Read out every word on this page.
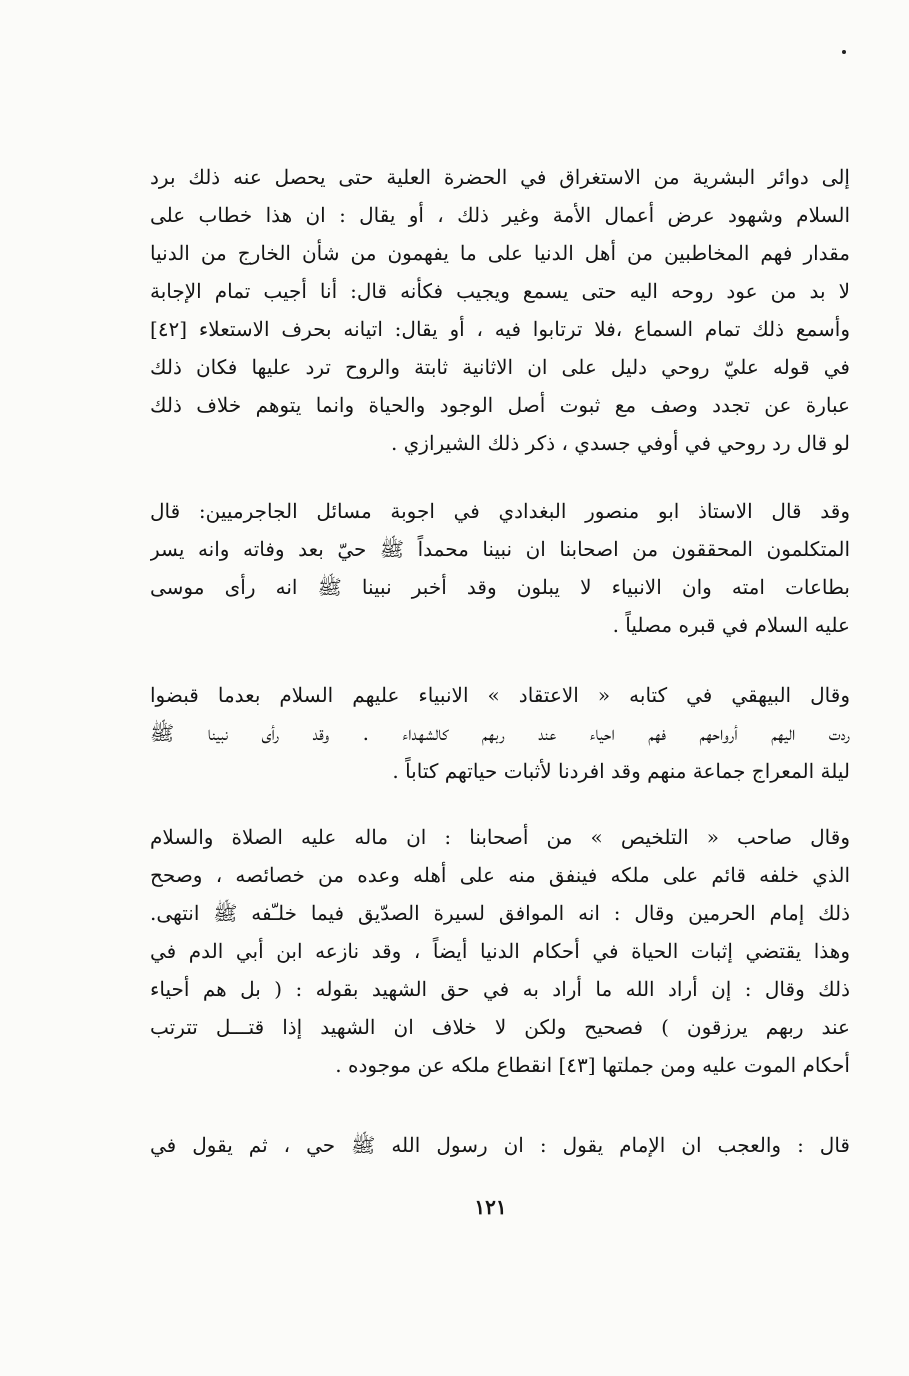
إلى دوائر البشرية من الاستغراق في الحضرة العلية حتى يحصل عنه ذلك برد
السلام وشهود عرض أعمال الأمة وغير ذلك ، أو يقال : ان هذا خطاب على
مقدار فهم المخاطبين من أهل الدنيا على ما يفهمون من شأن الخارج من الدنيا
لا بد من عود روحه اليه حتى يسمع ويجيب فكأنه قال: أنا أجيب تمام الإجابة
وأسمع ذلك تمام السماع ،فلا ترتابوا فيه ، أو يقال: اتيانه بحرف الاستعلاء [٤٢]
في قوله عليّ روحي دليل على ان الاثانية ثابتة والروح ترد عليها فكان ذلك
عبارة عن تجدد وصف مع ثبوت أصل الوجود والحياة وانما يتوهم خلاف ذلك
لو قال رد روحي في أوفي جسدي ، ذكر ذلك الشيرازي .
وقد قال الاستاذ ابو منصور البغدادي في اجوبة مسائل الجاجرميين: قال
المتكلمون المحققون من اصحابنا ان نبينا محمداً ﷺ حيّ بعد وفاته وانه يسر
بطاعات امته وان الانبياء لا يبلون وقد أخبر نبينا ﷺ انه رأى موسى
عليه السلام في قبره مصلياً .
وقال البيهقي في كتابه « الاعتقاد » الانبياء عليهم السلام بعدما قبضوا
ردت اليهم أرواحهم فهم احياء عند ربهم كالشهداء . وقد رأى نبينا ﷺ
ليلة المعراج جماعة منهم وقد افردنا لأثبات حياتهم كتاباً .
وقال صاحب « التلخيص » من أصحابنا : ان ماله عليه الصلاة والسلام
الذي خلفه قائم على ملكه فينفق منه على أهله وعده من خصائصه ، وصحح
ذلك إمام الحرمين وقال : انه الموافق لسيرة الصدّيق فيما خلـّفه ﷺ انتهى.
وهذا يقتضي إثبات الحياة في أحكام الدنيا أيضاً ، وقد نازعه ابن أبي الدم في
ذلك وقال : إن أراد الله ما أراد به في حق الشهيد بقوله : ( بل هم أحياء
عند ربهم يرزقون ) فصحيح ولكن لا خلاف ان الشهيد إذا قتـــل تترتب
أحكام الموت عليه ومن جملتها [٤٣] انقطاع ملكه عن موجوده .
قال : والعجب ان الإمام يقول : ان رسول الله ﷺ حي ، ثم يقول في
١٢١
